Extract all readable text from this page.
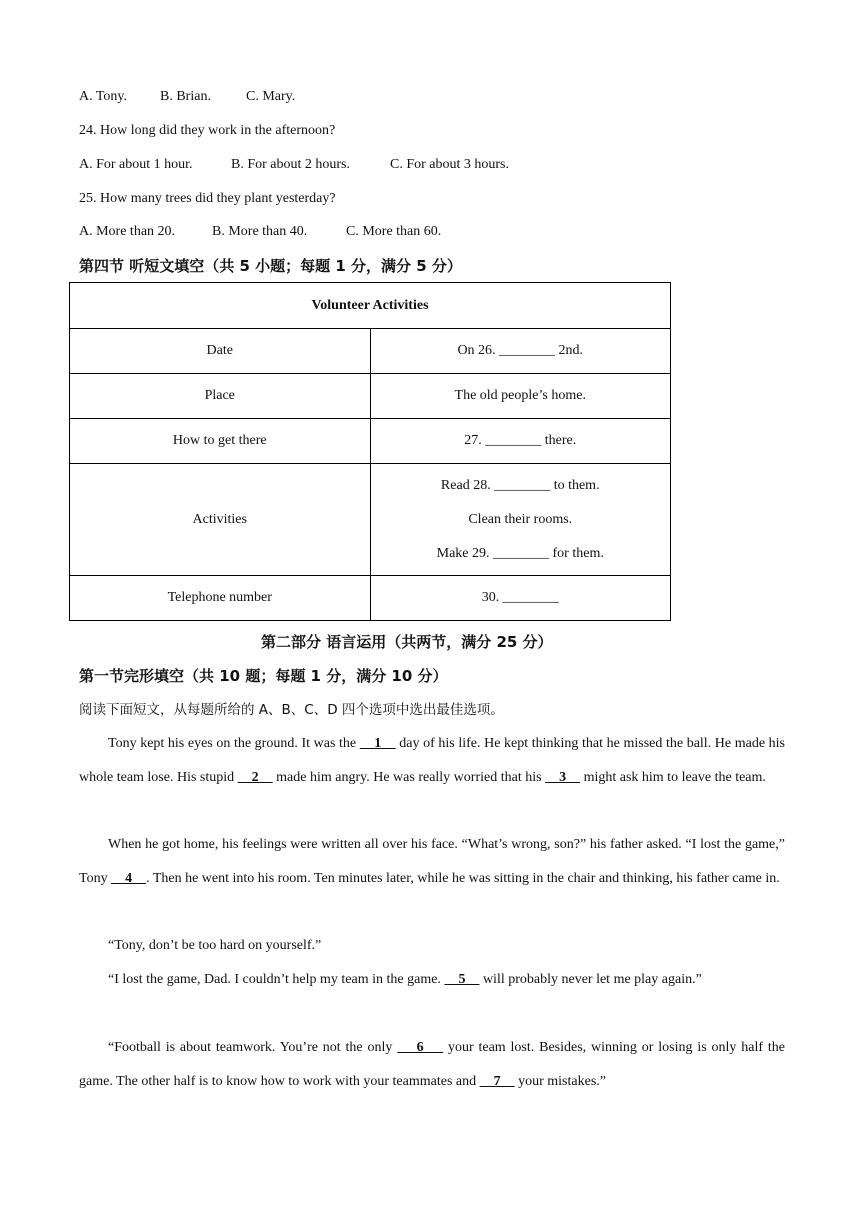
A. Tony. B. Brian.	C. Mary.
24. How long did they work in the afternoon?
A. For about 1 hour.	B. For about 2 hours.	C. For about 3 hours.
25. How many trees did they plant yesterday?
A. More than 20.	B. More than 40.	C. More than 60.
第四节 听短文填空（共 5 小题；每题 1 分，满分 5 分）
Volunteer Activities	
Date	On 26. ________ 2nd.
Place	The old people’s home.
How to get there	27. ________ there.
Activities	Read 28. ________ to them.
Clean their rooms.
Make 29. ________ for them.

Telephone number	30. ________
第二部分 语言运用（共两节，满分 25 分）
第一节完形填空（共 10 题；每题 1 分，满分 10 分）
阅读下面短文，从每题所给的 A、B、C、D 四个选项中选出最佳选项。
Tony kept his eyes on the ground. It was the     1     day of his life. He kept thinking that he missed the ball. He made his whole team lose. His stupid     2     made him angry. He was really worried that his     3     might ask him to leave the team.
When he got home, his feelings were written all over his face. “What’s wrong, son?” his father asked. “I lost the game,” Tony     4    . Then he went into his room. Ten minutes later, while he was sitting in the chair and thinking, his father came in.
“Tony, don’t be too hard on yourself.”
“I lost the game, Dad. I couldn’t help my team in the game.     5     will probably never let me play again.”
“Football is about teamwork. You’re not the only     6     your team lost. Besides, winning or losing is only half the game. The other half is to know how to work with your teammates and     7     your mistakes.”
